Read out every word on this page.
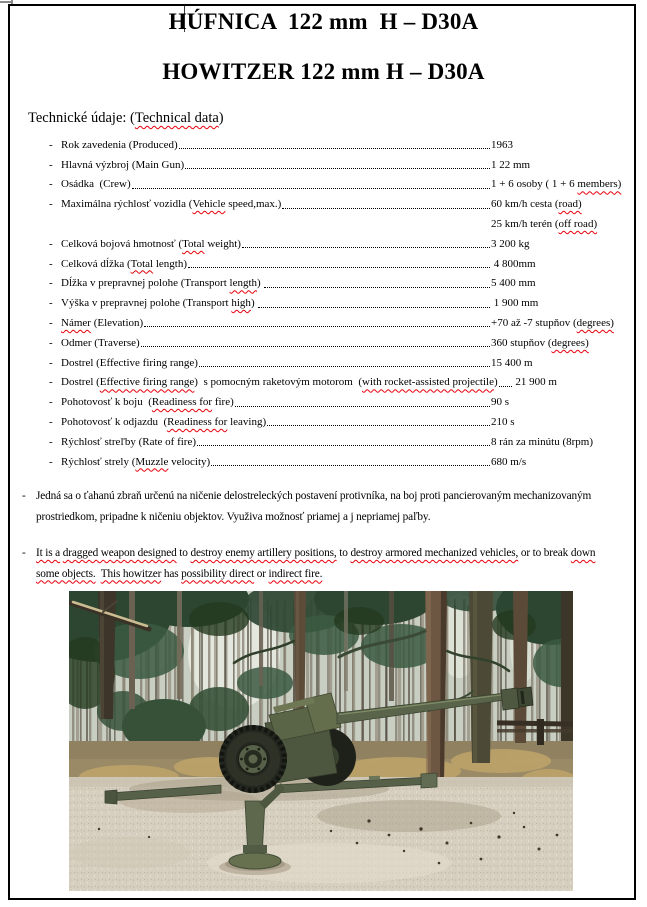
HÚFNICA  122 mm  H – D30A
HOWITZER 122 mm H – D30A
Technické údaje: (Technical data)
- Rok zavedenia (Produced)	1963
- Hlavná výzbroj (Main Gun)	1 22 mm
- Osádka  (Crew)	1 + 6 osoby ( 1 + 6 members)
- Maximálna rýchlosť vozidla (Vehicle speed,max.)	60 km/h cesta (road)
25 km/h terén (off road)
- Celková bojová hmotnosť (Total weight)	3 200 kg
- Celková dĺžka (Total length)	4 800mm
- Dĺžka v prepravnej polohe (Transport length)	5 400 mm
- Výška v prepravnej polohe (Transport high)	1 900 mm
- Námer (Elevation)	+70 až -7 stupňov (degrees)
- Odmer (Traverse)	360 stupňov (degrees)
- Dostrel (Effective firing range)	15 400 m
- Dostrel (Effective firing range)  s pomocným raketovým motorom  (with rocket-assisted projectile) 21 900 m
- Pohotovosť k boju  (Readiness for fire)	90 s
- Pohotovosť k odjazdu  (Readiness for leaving)	210 s
- Rýchlosť streľby (Rate of fire)	8 rán za minútu (8rpm)
- Rýchlosť strely (Muzzle velocity)	680 m/s
- Jedná sa o ťahanú zbraň určenú na ničenie delostreleckých postavení protivníka, na boj proti pancierovaným mechanizovaným
prostriedkom, pripadne k ničeniu objektov. Využiva možnosť priamej a j nepriamej paľby.
- It is a dragged weapon designed to destroy enemy artillery positions, to destroy armored mechanized vehicles, or to break down
some objects. This howitzer has possibility direct or indirect fire.
